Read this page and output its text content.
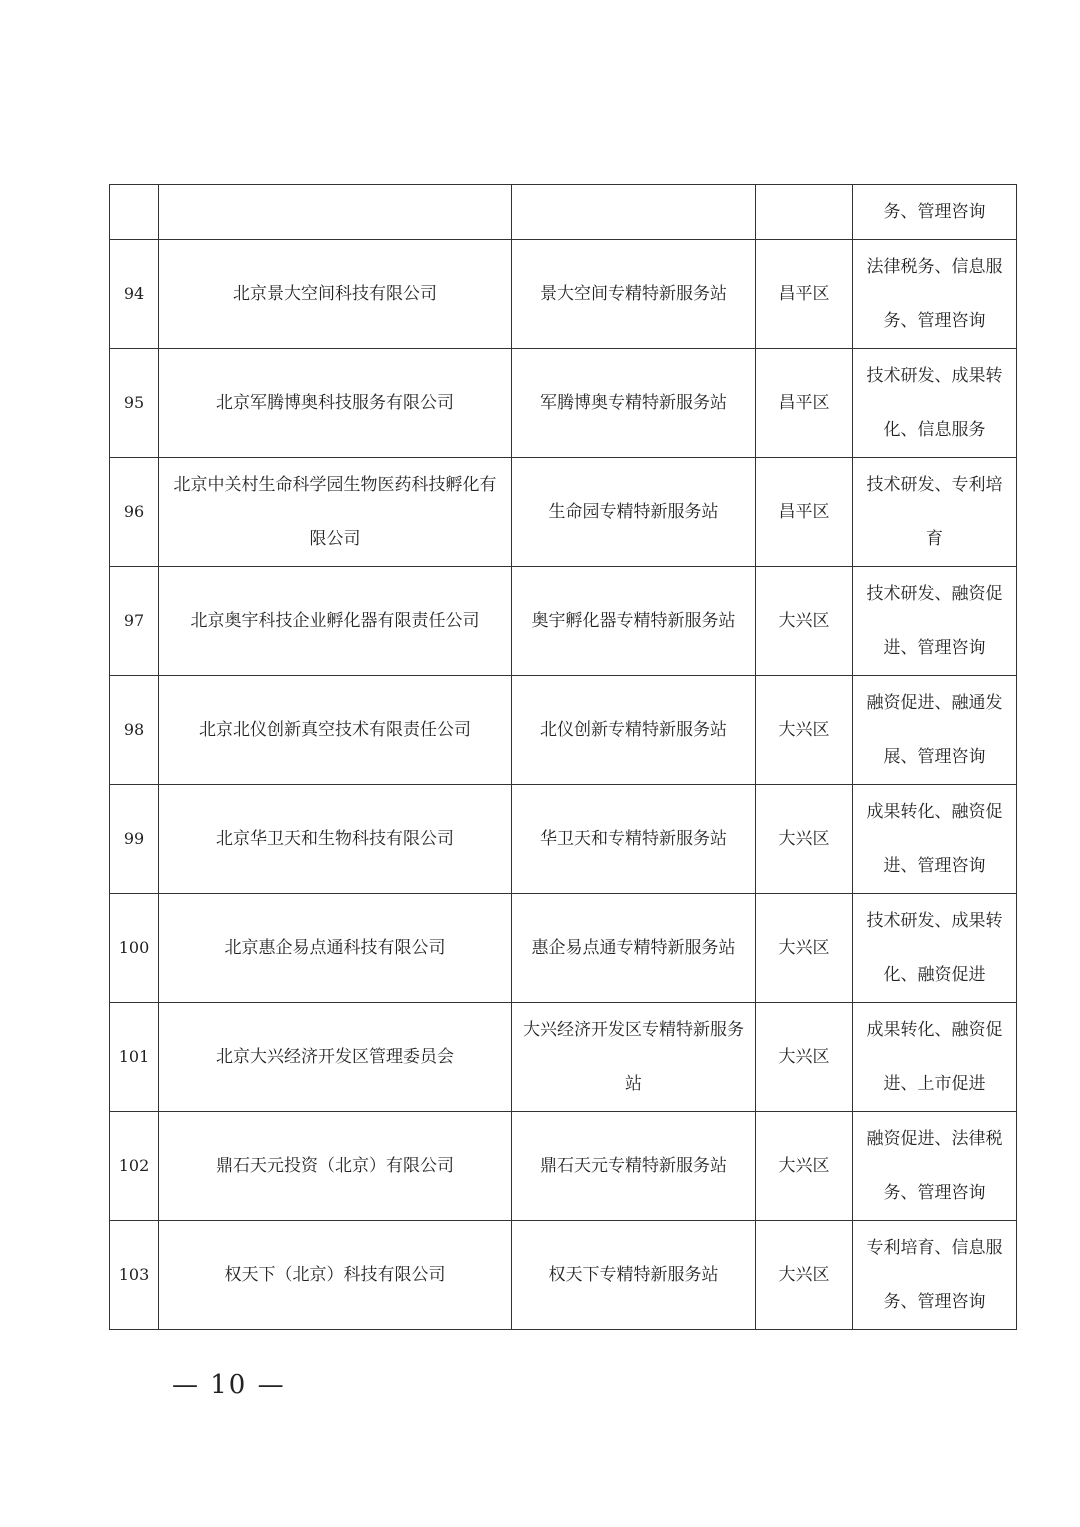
				务、管理咨询
94	北京景大空间科技有限公司	景大空间专精特新服务站	昌平区	法律税务、信息服务、管理咨询
95	北京军腾博奥科技服务有限公司	军腾博奥专精特新服务站	昌平区	技术研发、成果转化、信息服务
96	北京中关村生命科学园生物医药科技孵化有限公司	生命园专精特新服务站	昌平区	技术研发、专利培育
97	北京奥宇科技企业孵化器有限责任公司	奥宇孵化器专精特新服务站	大兴区	技术研发、融资促进、管理咨询
98	北京北仪创新真空技术有限责任公司	北仪创新专精特新服务站	大兴区	融资促进、融通发展、管理咨询
99	北京华卫天和生物科技有限公司	华卫天和专精特新服务站	大兴区	成果转化、融资促进、管理咨询
100	北京惠企易点通科技有限公司	惠企易点通专精特新服务站	大兴区	技术研发、成果转化、融资促进
101	北京大兴经济开发区管理委员会	大兴经济开发区专精特新服务站	大兴区	成果转化、融资促进、上市促进
102	鼎石天元投资（北京）有限公司	鼎石天元专精特新服务站	大兴区	融资促进、法律税务、管理咨询
103	权天下（北京）科技有限公司	权天下专精特新服务站	大兴区	专利培育、信息服务、管理咨询
— 10 —
